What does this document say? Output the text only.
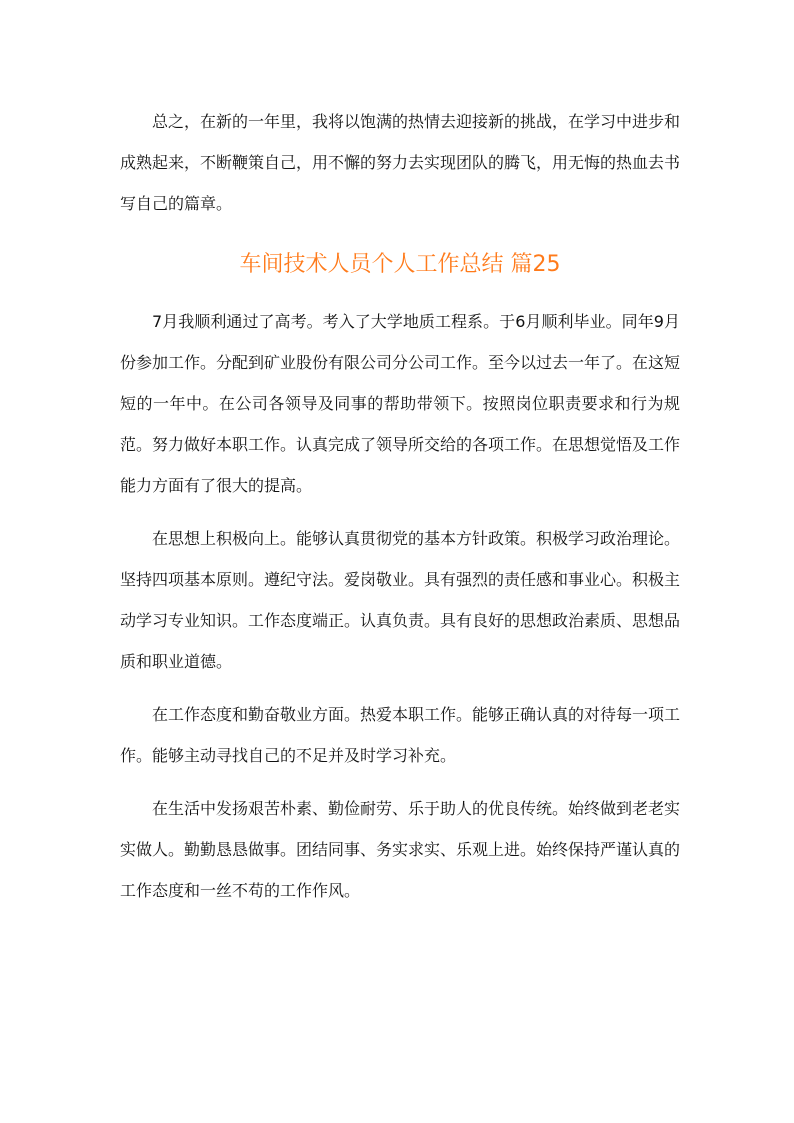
总之，在新的一年里，我将以饱满的热情去迎接新的挑战，在学习中进步和成熟起来，不断鞭策自己，用不懈的努力去实现团队的腾飞，用无悔的热血去书写自己的篇章。

车间技术人员个人工作总结 篇25

7月我顺利通过了高考。考入了大学地质工程系。于6月顺利毕业。同年9月份参加工作。分配到矿业股份有限公司分公司工作。至今以过去一年了。在这短短的一年中。在公司各领导及同事的帮助带领下。按照岗位职责要求和行为规范。努力做好本职工作。认真完成了领导所交给的各项工作。在思想觉悟及工作能力方面有了很大的提高。

在思想上积极向上。能够认真贯彻党的基本方针政策。积极学习政治理论。坚持四项基本原则。遵纪守法。爱岗敬业。具有强烈的责任感和事业心。积极主动学习专业知识。工作态度端正。认真负责。具有良好的思想政治素质、思想品质和职业道德。

在工作态度和勤奋敬业方面。热爱本职工作。能够正确认真的对待每一项工作。能够主动寻找自己的不足并及时学习补充。

在生活中发扬艰苦朴素、勤俭耐劳、乐于助人的优良传统。始终做到老老实实做人。勤勤恳恳做事。团结同事、务实求实、乐观上进。始终保持严谨认真的工作态度和一丝不苟的工作作风。
